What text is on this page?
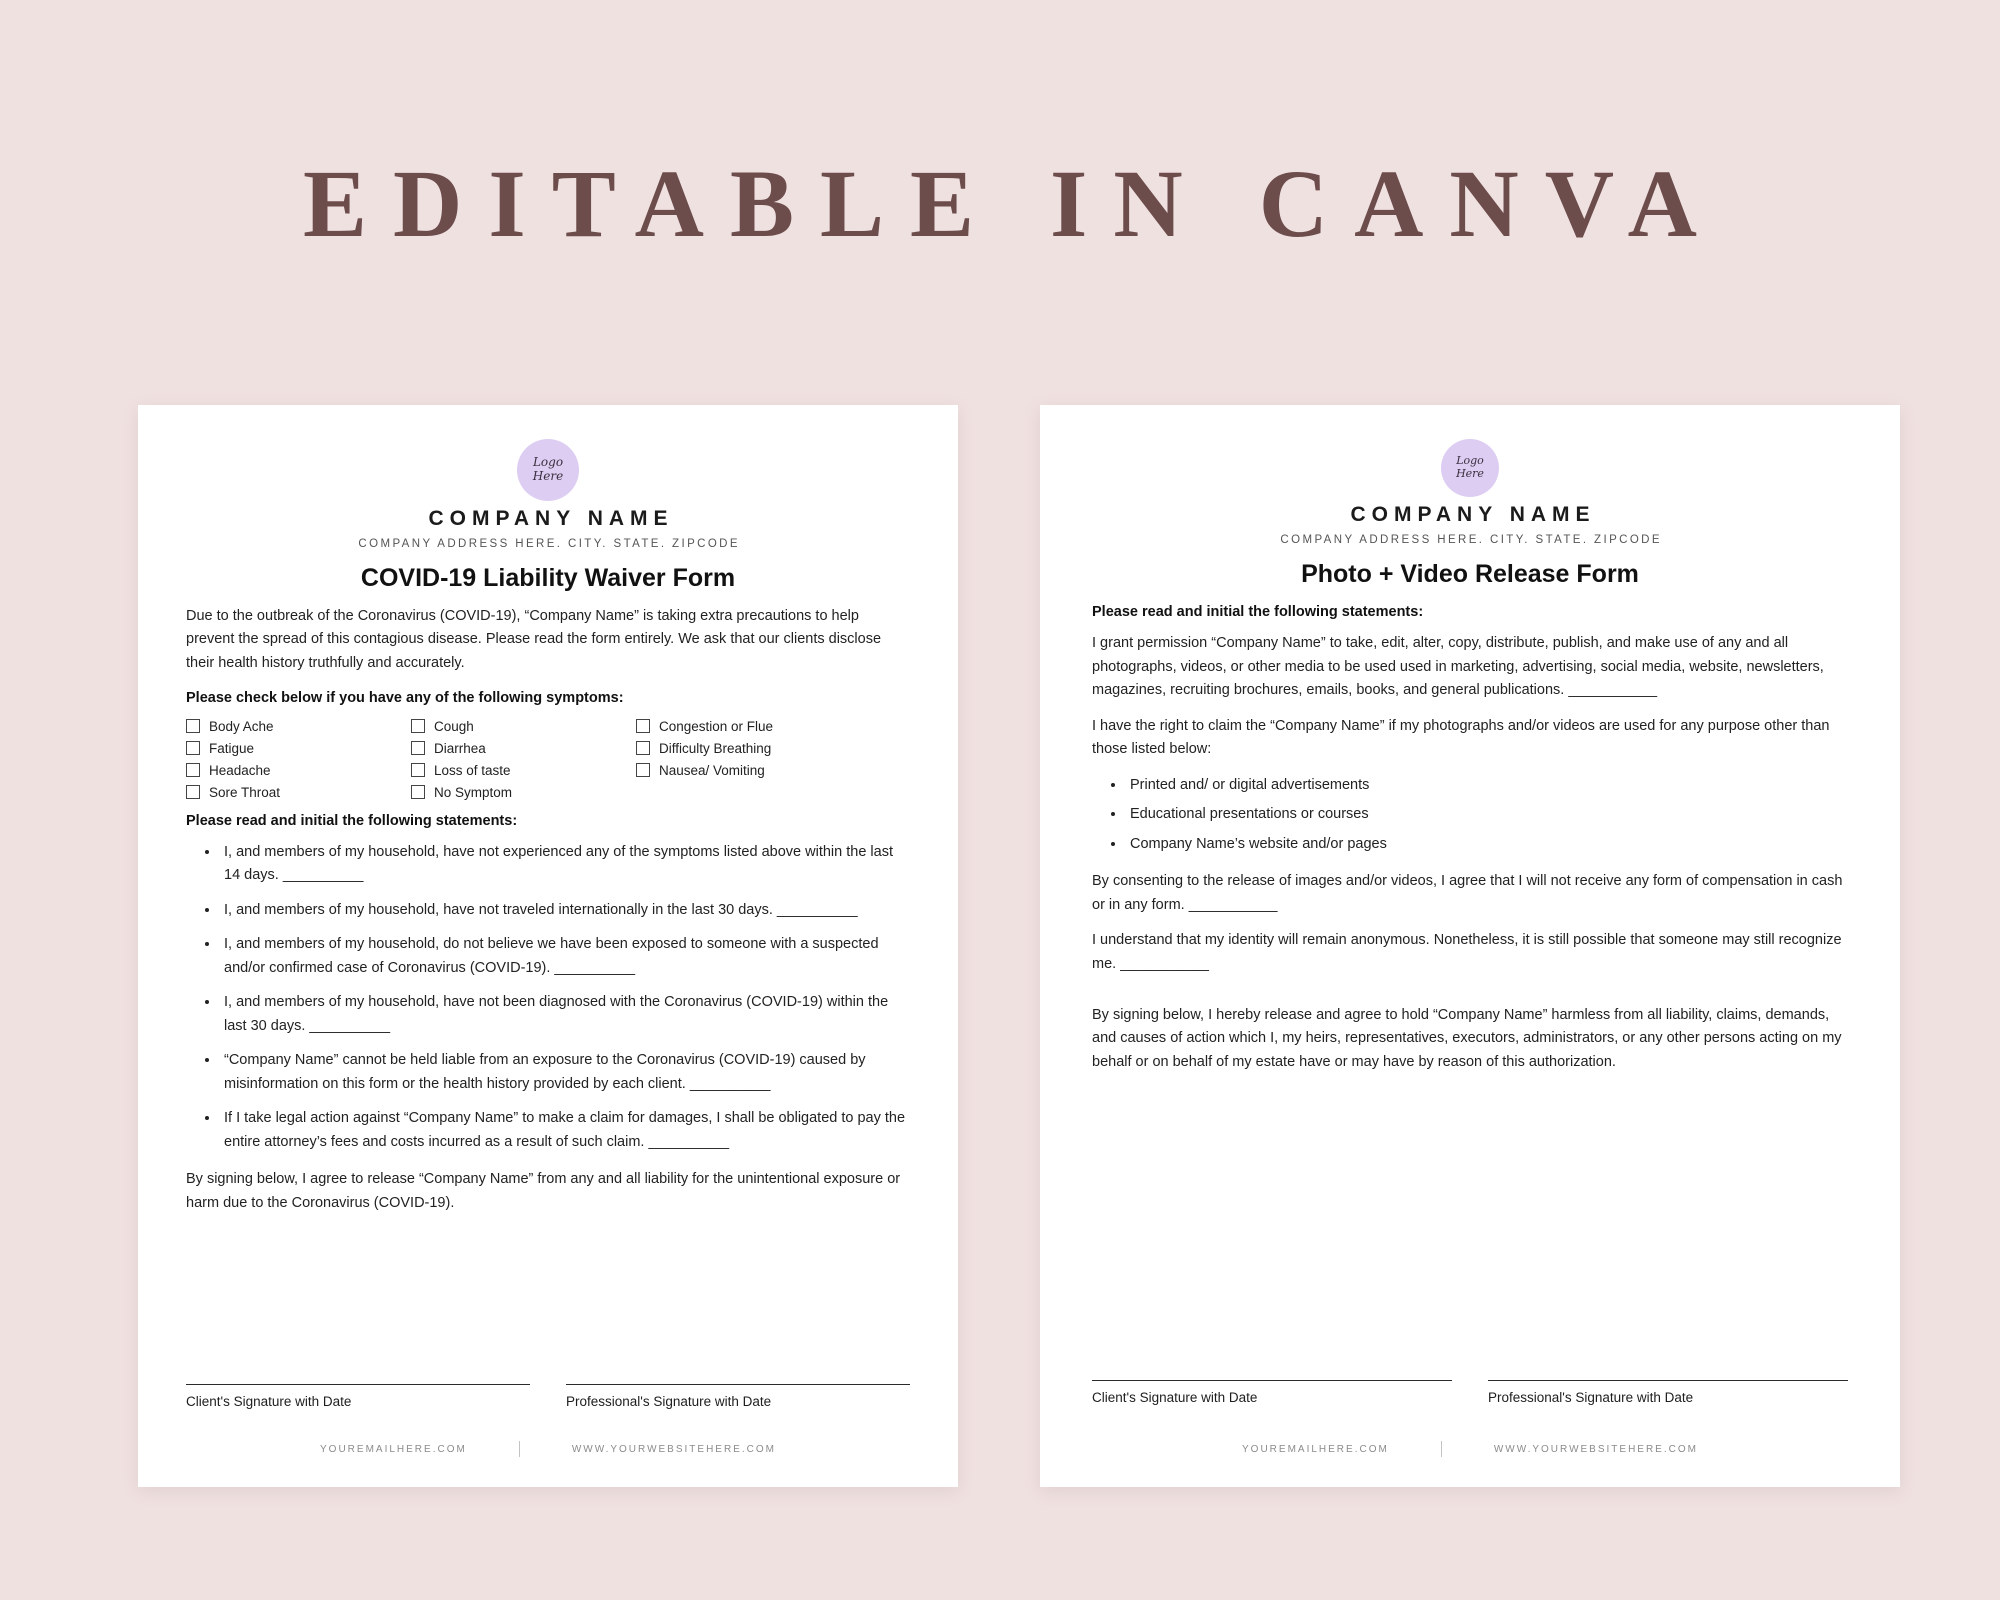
EDITABLE IN CANVA
Logo
Here
COMPANY NAME
COMPANY ADDRESS HERE. CITY. STATE. ZIPCODE
COVID-19 Liability Waiver Form

Due to the outbreak of the Coronavirus (COVID-19), “Company Name” is taking extra precautions to help prevent the spread of this contagious disease. Please read the form entirely. We ask that our clients disclose their health history truthfully and accurately.

Please check below if you have any of the following symptoms:
Body Ache	Cough	Congestion or Flue
Fatigue	Diarrhea	Difficulty Breathing
Headache	Loss of taste	Nausea/ Vomiting
Sore Throat	No Symptom
Please read and initial the following statements:
• I, and members of my household, have not experienced any of the symptoms listed above within the last 14 days. __________
• I, and members of my household, have not traveled internationally in the last 30 days. __________
• I, and members of my household, do not believe we have been exposed to someone with a suspected and/or confirmed case of Coronavirus (COVID-19). __________
• I, and members of my household, have not been diagnosed with the Coronavirus (COVID-19) within the last 30 days. __________
• “Company Name” cannot be held liable from an exposure to the Coronavirus (COVID-19) caused by misinformation on this form or the health history provided by each client. __________
• If I take legal action against “Company Name” to make a claim for damages, I shall be obligated to pay the entire attorney’s fees and costs incurred as a result of such claim. __________

By signing below, I agree to release “Company Name” from any and all liability for the unintentional exposure or harm due to the Coronavirus (COVID-19).

Client's Signature with Date	Professional's Signature with Date
YOUREMAILHERE.COM	WWW.YOURWEBSITEHERE.COM
Logo
Here
COMPANY NAME
COMPANY ADDRESS HERE. CITY. STATE. ZIPCODE
Photo + Video Release Form
Please read and initial the following statements:

I grant permission “Company Name” to take, edit, alter, copy, distribute, publish, and make use of any and all photographs, videos, or other media to be used used in marketing, advertising, social media, website, newsletters, magazines, recruiting brochures, emails, books, and general publications. ___________

I have the right to claim the “Company Name” if my photographs and/or videos are used for any purpose other than those listed below:

• Printed and/ or digital advertisements
• Educational presentations or courses
• Company Name’s website and/or pages

By consenting to the release of images and/or videos, I agree that I will not receive any form of compensation in cash or in any form. ___________

I understand that my identity will remain anonymous. Nonetheless, it is still possible that someone may still recognize me. ___________

By signing below, I hereby release and agree to hold “Company Name” harmless from all liability, claims, demands, and causes of action which I, my heirs, representatives, executors, administrators, or any other persons acting on my behalf or on behalf of my estate have or may have by reason of this authorization.

Client's Signature with Date	Professional's Signature with Date
YOUREMAILHERE.COM	WWW.YOURWEBSITEHERE.COM
